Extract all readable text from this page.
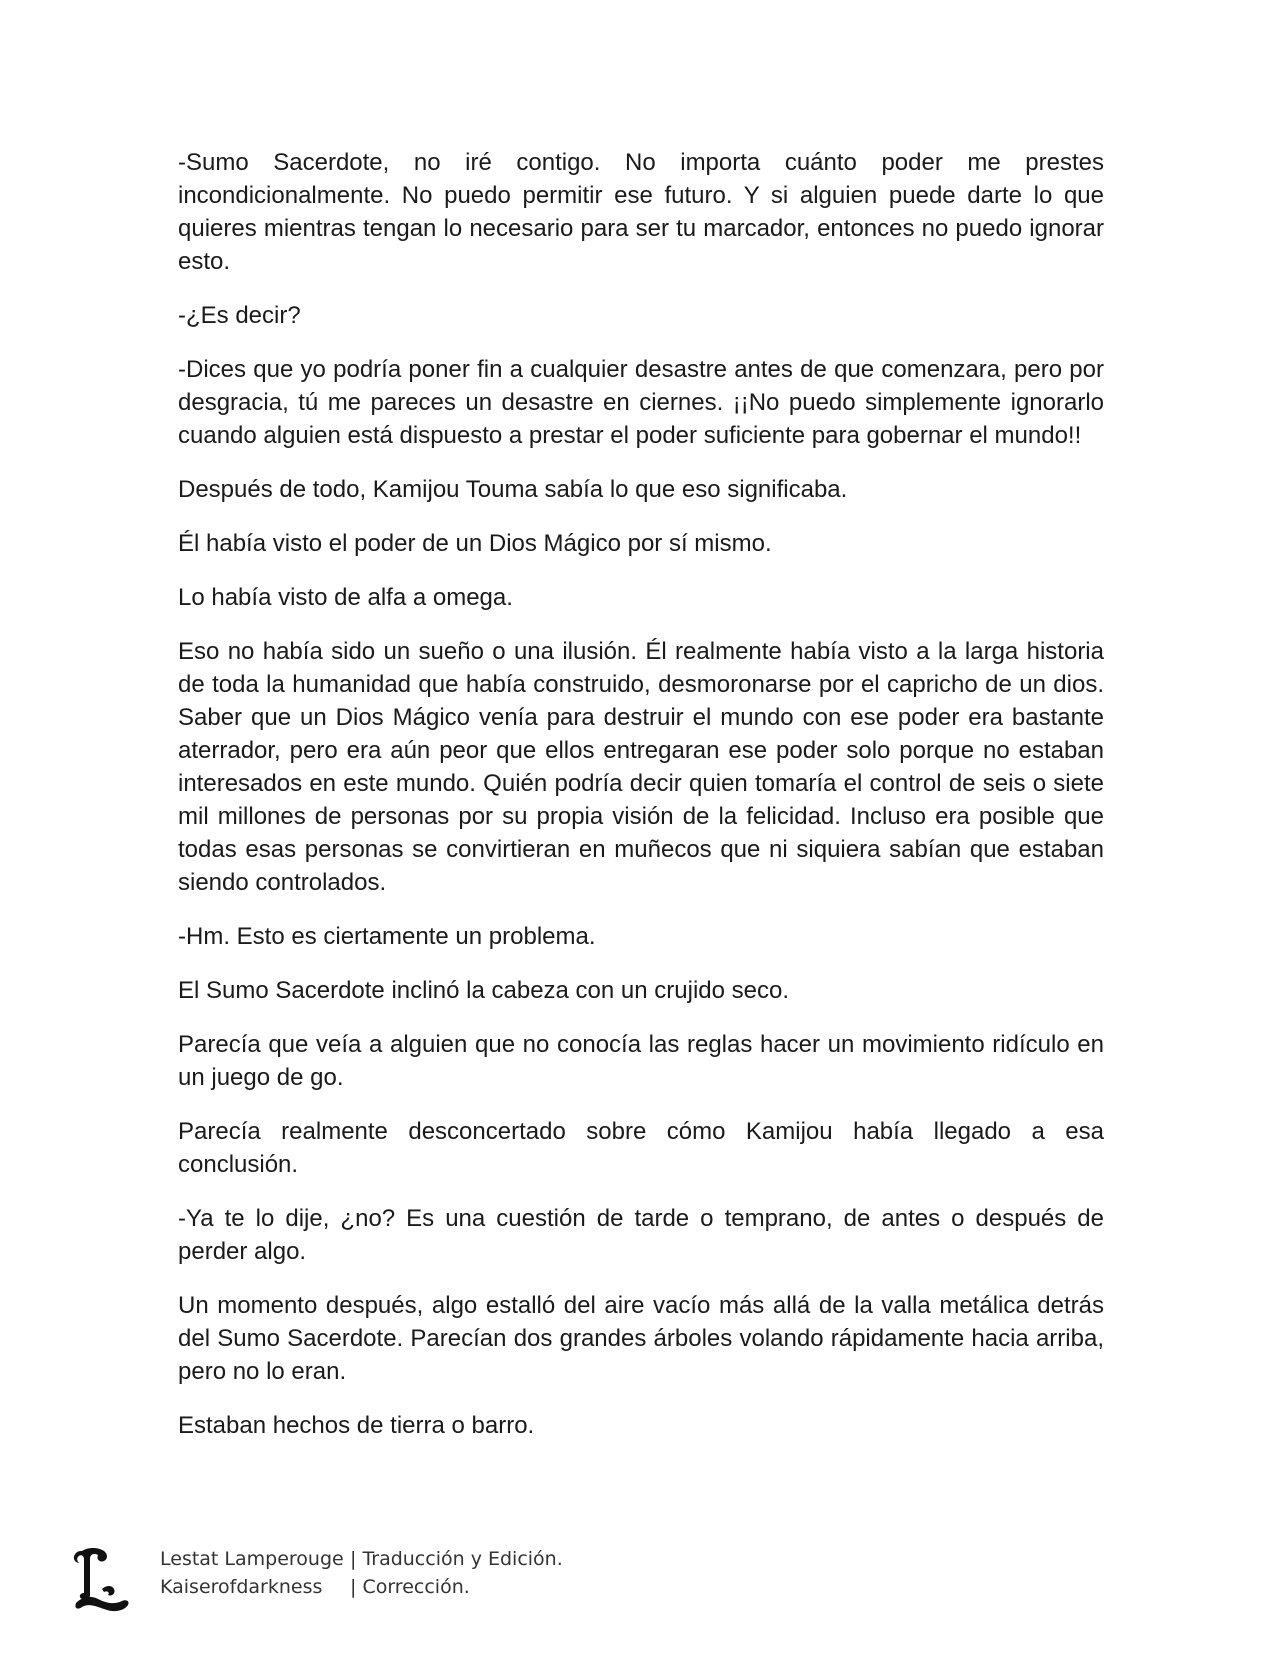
-Sumo Sacerdote, no iré contigo. No importa cuánto poder me prestes incondicionalmente. No puedo permitir ese futuro. Y si alguien puede darte lo que quieres mientras tengan lo necesario para ser tu marcador, entonces no puedo ignorar esto.

-¿Es decir?

-Dices que yo podría poner fin a cualquier desastre antes de que comenzara, pero por desgracia, tú me pareces un desastre en ciernes. ¡¡No puedo simplemente ignorarlo cuando alguien está dispuesto a prestar el poder suficiente para gobernar el mundo!!

Después de todo, Kamijou Touma sabía lo que eso significaba.

Él había visto el poder de un Dios Mágico por sí mismo.

Lo había visto de alfa a omega.

Eso no había sido un sueño o una ilusión. Él realmente había visto a la larga historia de toda la humanidad que había construido, desmoronarse por el capricho de un dios. Saber que un Dios Mágico venía para destruir el mundo con ese poder era bastante aterrador, pero era aún peor que ellos entregaran ese poder solo porque no estaban interesados en este mundo. Quién podría decir quien tomaría el control de seis o siete mil millones de personas por su propia visión de la felicidad. Incluso era posible que todas esas personas se convirtieran en muñecos que ni siquiera sabían que estaban siendo controlados.

-Hm. Esto es ciertamente un problema.

El Sumo Sacerdote inclinó la cabeza con un crujido seco.

Parecía que veía a alguien que no conocía las reglas hacer un movimiento ridículo en un juego de go.

Parecía realmente desconcertado sobre cómo Kamijou había llegado a esa conclusión.

-Ya te lo dije, ¿no? Es una cuestión de tarde o temprano, de antes o después de perder algo.

Un momento después, algo estalló del aire vacío más allá de la valla metálica detrás del Sumo Sacerdote. Parecían dos grandes árboles volando rápidamente hacia arriba, pero no lo eran.

Estaban hechos de tierra o barro.

L
Lestat Lamperouge | Traducción y Edición.
Kaiserofdarkness	| Corrección.
